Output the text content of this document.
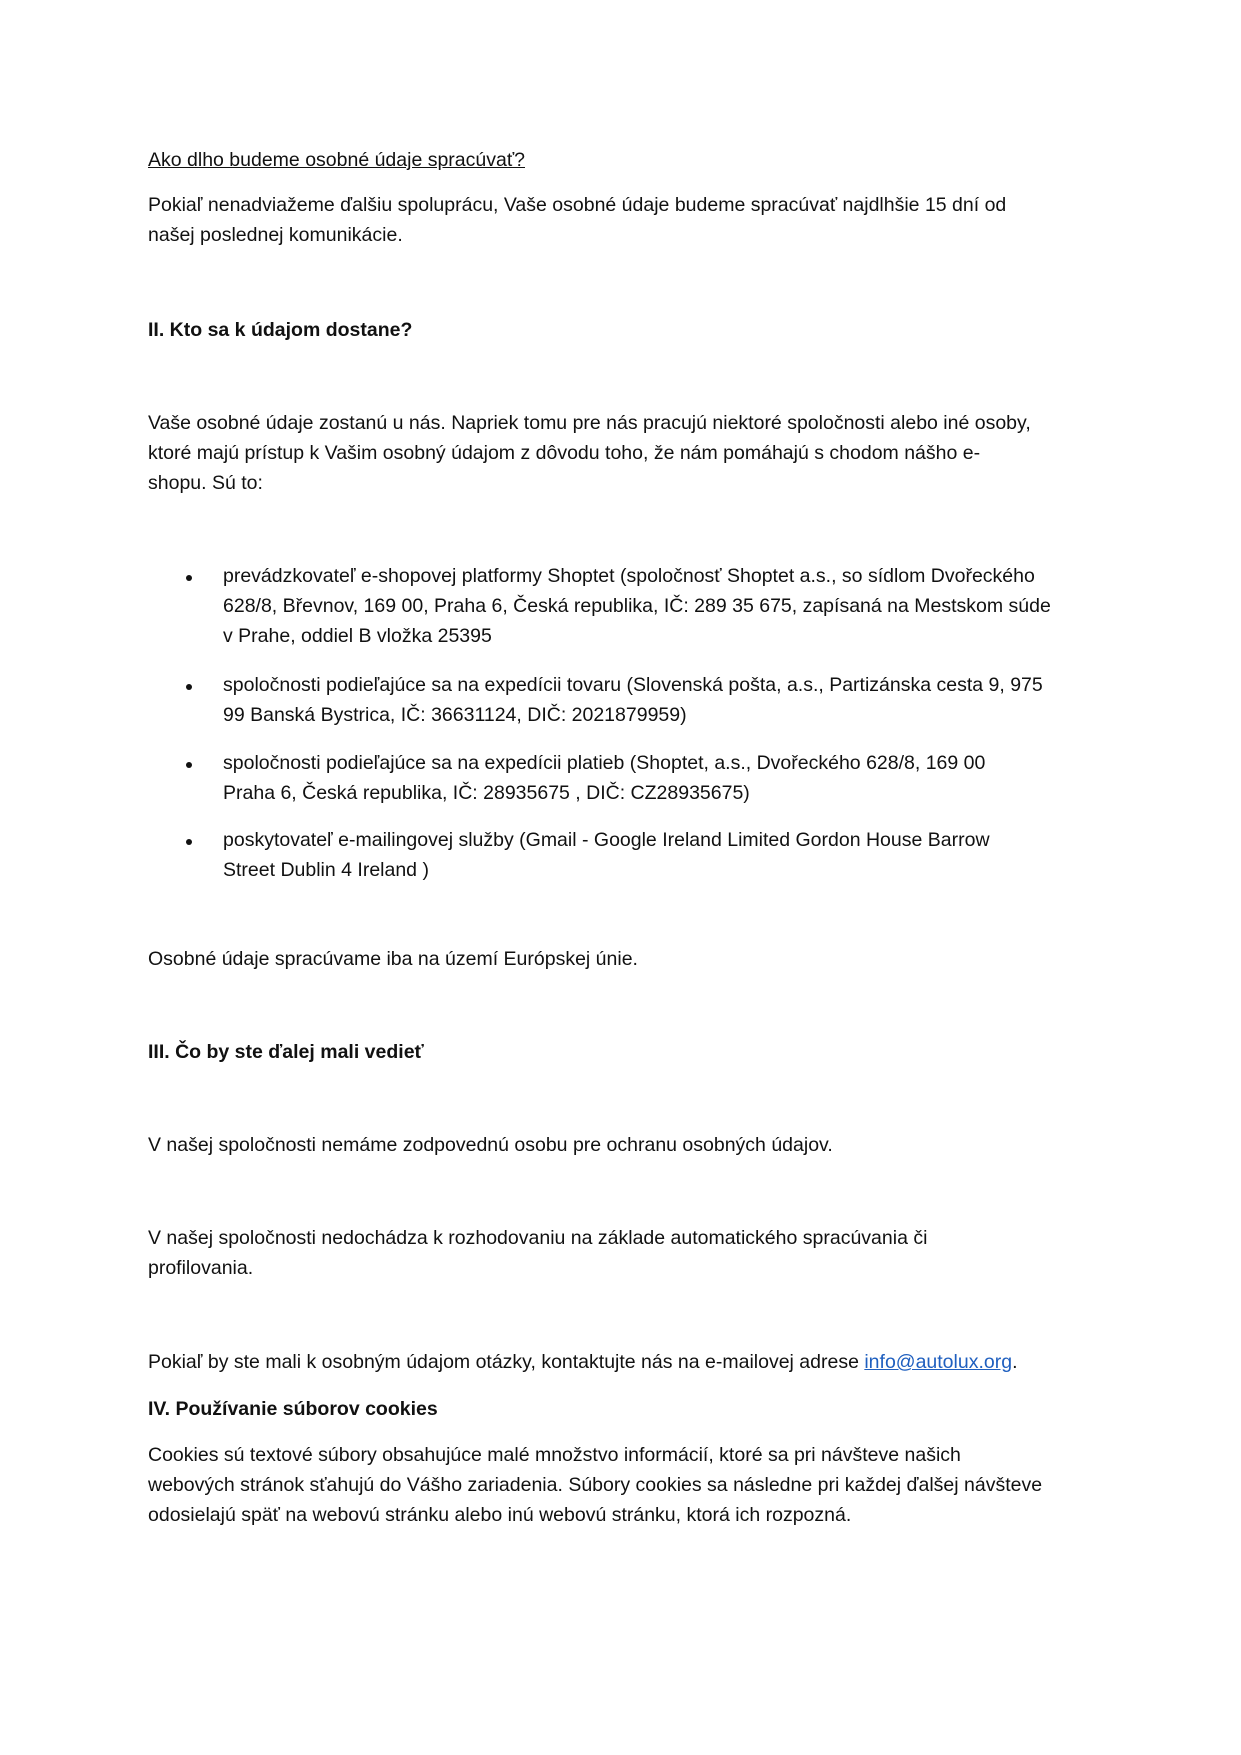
Ako dlho budeme osobné údaje spracúvať?

Pokiaľ nenadviažeme ďalšiu spoluprácu, Vaše osobné údaje budeme spracúvať najdlhšie 15 dní od
našej poslednej komunikácie.

II. Kto sa k údajom dostane?

Vaše osobné údaje zostanú u nás. Napriek tomu pre nás pracujú niektoré spoločnosti alebo iné osoby,
ktoré majú prístup k Vašim osobný údajom z dôvodu toho, že nám pomáhajú s chodom nášho e-
shopu. Sú to:
prevádzkovateľ e-shopovej platformy Shoptet (spoločnosť Shoptet a.s., so sídlom Dvořeckého
628/8, Břevnov, 169 00, Praha 6, Česká republika, IČ: 289 35 675, zapísaná na Mestskom súde
v Prahe, oddiel B vložka 25395
spoločnosti podieľajúce sa na expedícii tovaru (Slovenská pošta, a.s., Partizánska cesta 9, 975
99 Banská Bystrica, IČ: 36631124, DIČ: 2021879959)
spoločnosti podieľajúce sa na expedícii platieb (Shoptet, a.s., Dvořeckého 628/8, 169 00
Praha 6, Česká republika, IČ: 28935675 , DIČ: CZ28935675)
poskytovateľ e-mailingovej služby (Gmail - Google Ireland Limited Gordon House Barrow
Street Dublin 4 Ireland )

Osobné údaje spracúvame iba na území Európskej únie.

III. Čo by ste ďalej mali vedieť

V našej spoločnosti nemáme zodpovednú osobu pre ochranu osobných údajov.

V našej spoločnosti nedochádza k rozhodovaniu na základe automatického spracúvania či
profilovania.

Pokiaľ by ste mali k osobným údajom otázky, kontaktujte nás na e-mailovej adrese info@autolux.org.

IV. Používanie súborov cookies

Cookies sú textové súbory obsahujúce malé množstvo informácií, ktoré sa pri návšteve našich
webových stránok sťahujú do Vášho zariadenia. Súbory cookies sa následne pri každej ďalšej návšteve
odosielajú späť na webovú stránku alebo inú webovú stránku, ktorá ich rozpozná.
